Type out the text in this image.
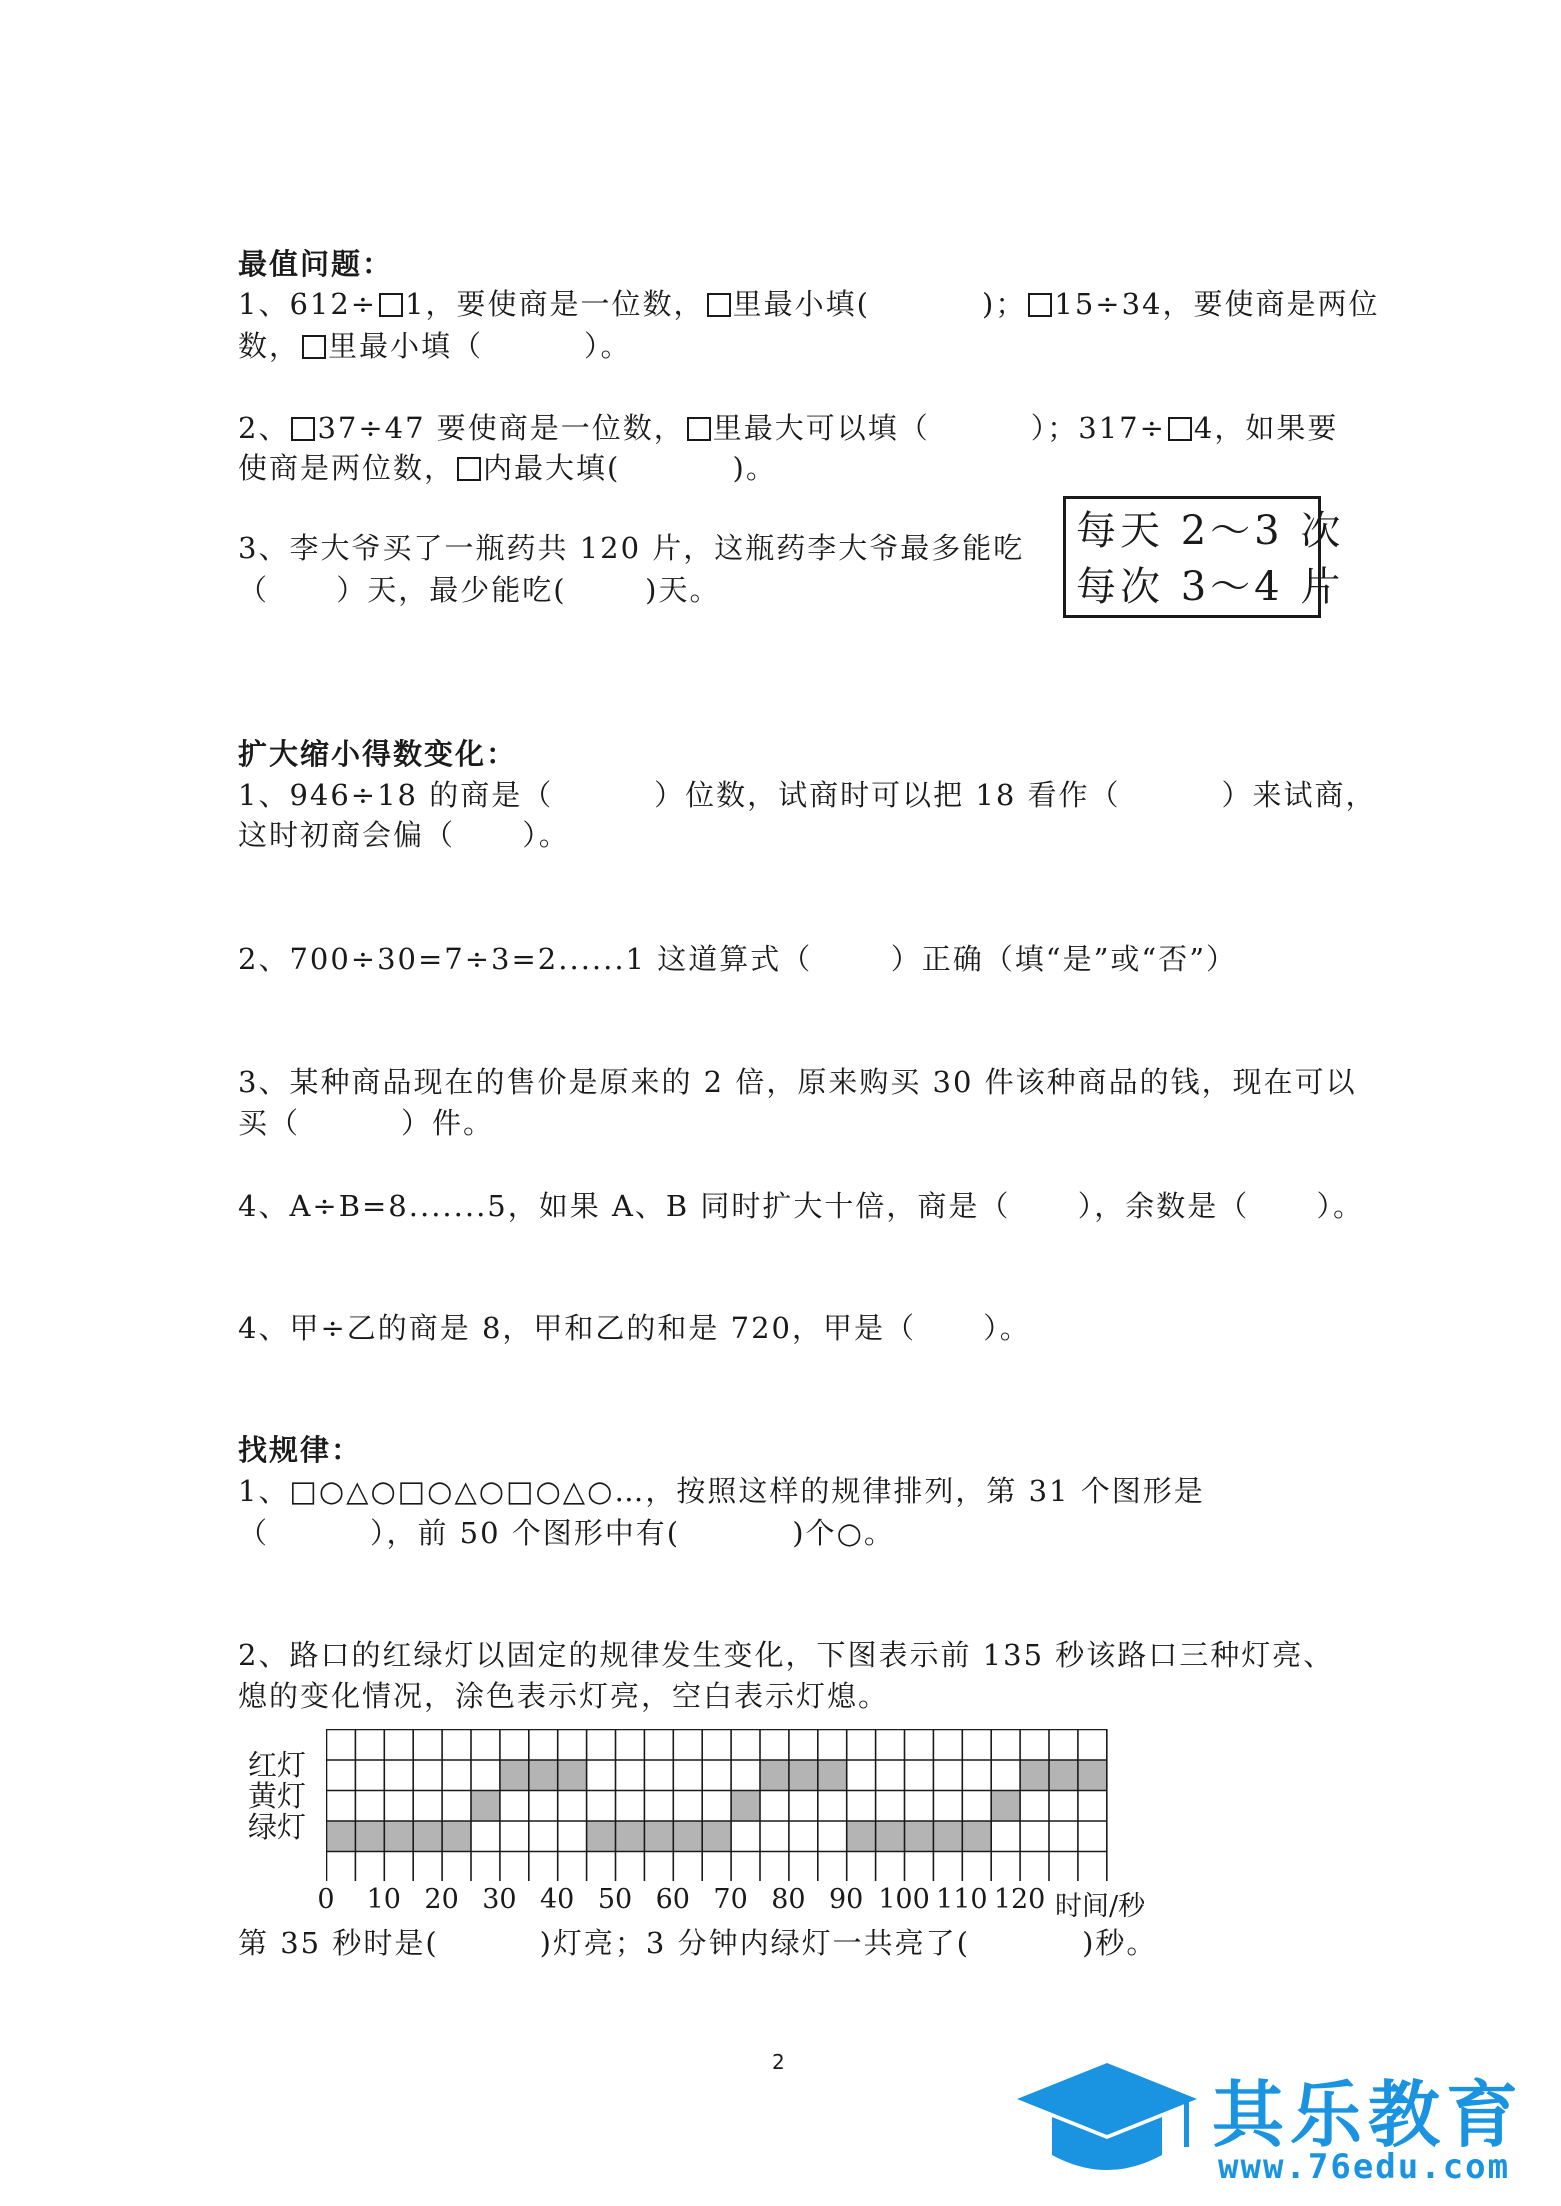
最值问题：
1、612÷ 1，要使商是一位数， 里最小填(          )； 15÷34，要使商是两位
数， 里最小填（         ）。
2、 37÷47 要使商是一位数， 里最大可以填（         ）；317÷ 4，如果要
使商是两位数， 内最大填(          )。
3、李大爷买了一瓶药共 120 片，这瓶药李大爷最多能吃
（      ）天，最少能吃(       )天。
每天 2～3 次
每次 3～4 片
扩大缩小得数变化：
1、946÷18 的商是（         ）位数，试商时可以把 18 看作（         ）来试商，
这时初商会偏（      ）。
2、700÷30=7÷3=2......1 这道算式（       ）正确（填“是”或“否”）
3、某种商品现在的售价是原来的 2 倍，原来购买 30 件该种商品的钱，现在可以
买（         ）件。
4、A÷B=8.......5，如果 A、B 同时扩大十倍，商是（      ），余数是（      ）。
4、甲÷乙的商是 8，甲和乙的和是 720，甲是（      ）。
找规律：
1、□○△○□○△○□○△○…，按照这样的规律排列，第 31 个图形是
（         ），前 50 个图形中有(          )个○。
2、路口的红绿灯以固定的规律发生变化，下图表示前 135 秒该路口三种灯亮、
熄的变化情况，涂色表示灯亮，空白表示灯熄。
红灯
黄灯
绿灯
0 10 20 30 40 50 60 70 80 90 100 110 120 时间/秒
第 35 秒时是(         )灯亮；3 分钟内绿灯一共亮了(          )秒。
2
其乐教育
www.76edu.com
